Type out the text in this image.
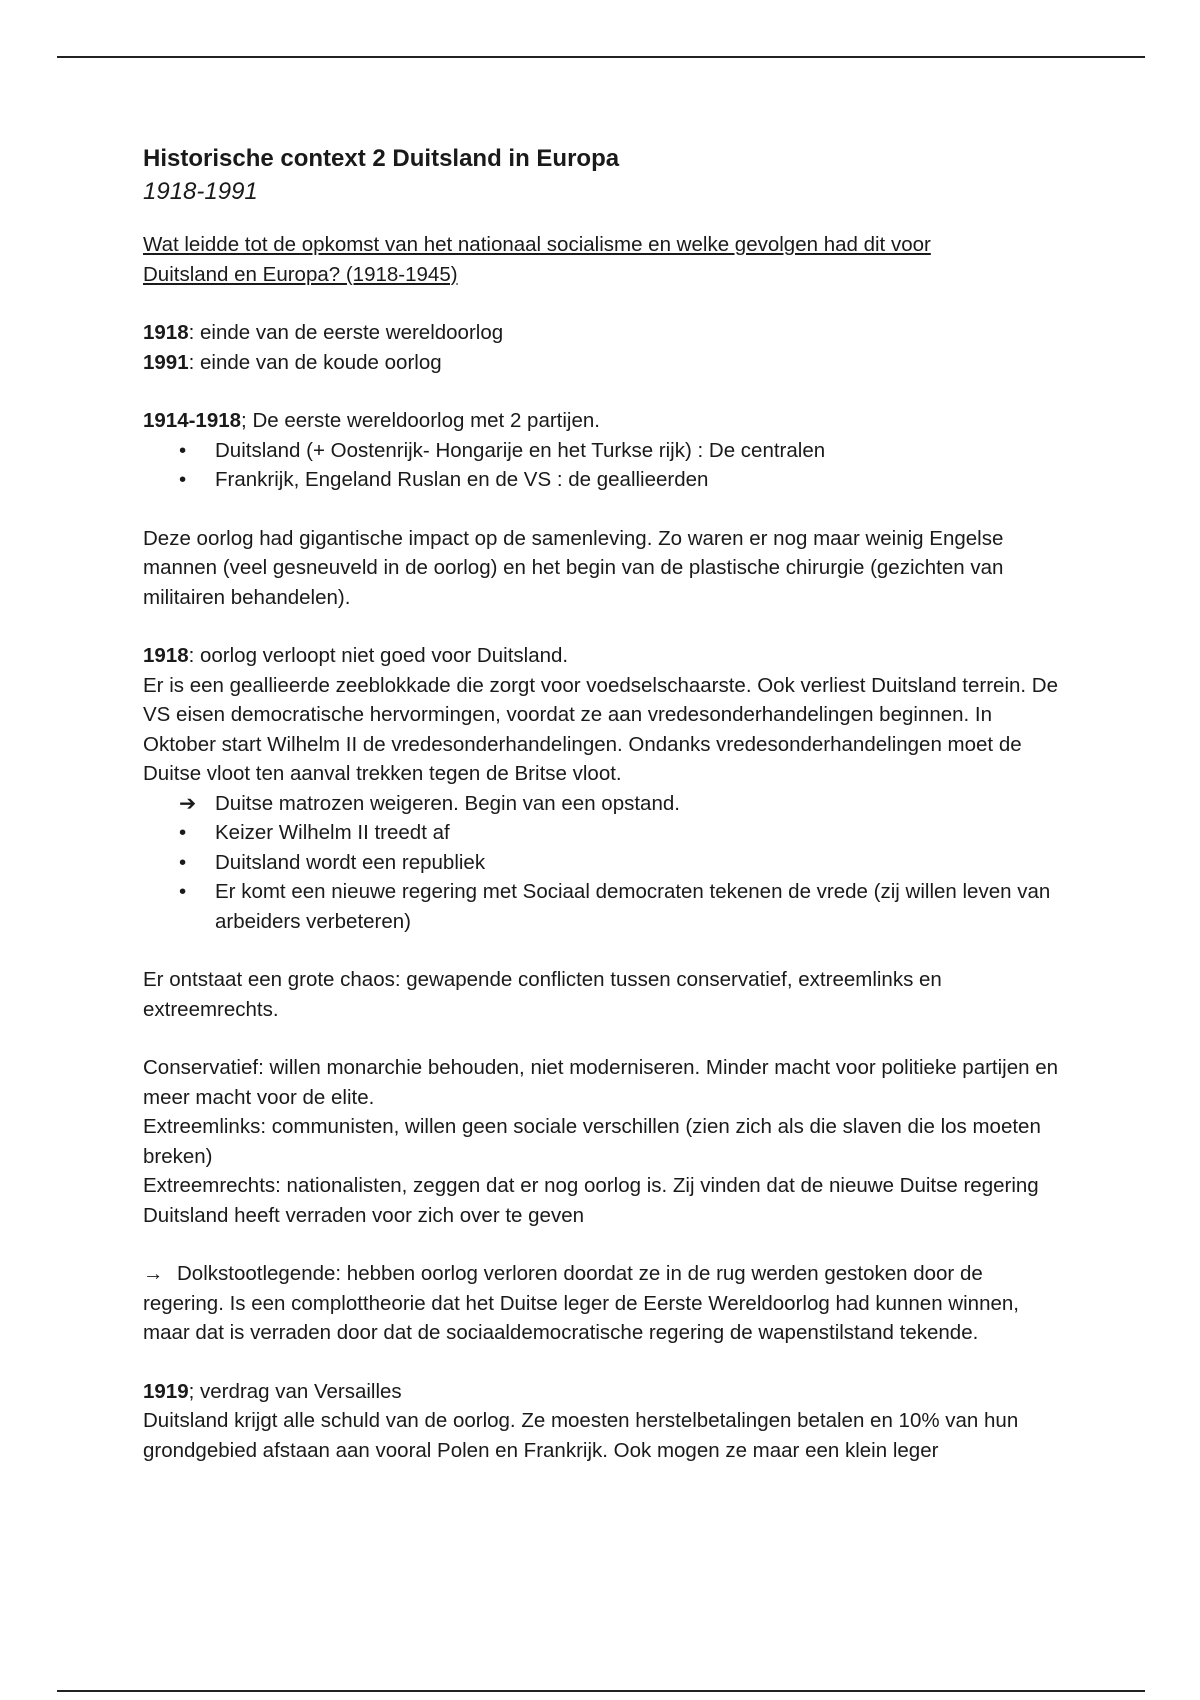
Historische context 2 Duitsland in Europa

1918-1991

Wat leidde tot de opkomst van het nationaal socialisme en welke gevolgen had dit voor Duitsland en Europa? (1918-1945)

1918: einde van de eerste wereldoorlog

1991: einde van de koude oorlog

1914-1918; De eerste wereldoorlog met 2 partijen.

•	Duitsland (+ Oostenrijk- Hongarije en het Turkse rijk) : De centralen
•	Frankrijk, Engeland Ruslan en de VS : de geallieerden

Deze oorlog had gigantische impact op de samenleving. Zo waren er nog maar weinig Engelse mannen (veel gesneuveld in de oorlog) en het begin van de plastische chirurgie (gezichten van militairen behandelen).

1918: oorlog verloopt niet goed voor Duitsland.

Er is een geallieerde zeeblokkade die zorgt voor voedselschaarste. Ook verliest Duitsland terrein. De VS eisen democratische hervormingen, voordat ze aan vredesonderhandelingen beginnen. In Oktober start Wilhelm II de vredesonderhandelingen. Ondanks vredesonderhandelingen moet de Duitse vloot ten aanval trekken tegen de Britse vloot.

➔ Duitse matrozen weigeren. Begin van een opstand.
•	Keizer Wilhelm II treedt af
•	Duitsland wordt een republiek
•	Er komt een nieuwe regering met Sociaal democraten tekenen de vrede (zij willen leven van arbeiders verbeteren)

Er ontstaat een grote chaos: gewapende conflicten tussen conservatief, extreemlinks en extreemrechts.

Conservatief: willen monarchie behouden, niet moderniseren. Minder macht voor politieke partijen en meer macht voor de elite.

Extreemlinks: communisten, willen geen sociale verschillen (zien zich als die slaven die los moeten breken)

Extreemrechts: nationalisten, zeggen dat er nog oorlog is. Zij vinden dat de nieuwe Duitse regering Duitsland heeft verraden voor zich over te geven

→ Dolkstootlegende: hebben oorlog verloren doordat ze in de rug werden gestoken door de regering. Is een complottheorie dat het Duitse leger de Eerste Wereldoorlog had kunnen winnen, maar dat is verraden door dat de sociaaldemocratische regering de wapenstilstand tekende.

1919; verdrag van Versailles

Duitsland krijgt alle schuld van de oorlog. Ze moesten herstelbetalingen betalen en 10% van hun grondgebied afstaan aan vooral Polen en Frankrijk. Ook mogen ze maar een klein leger
